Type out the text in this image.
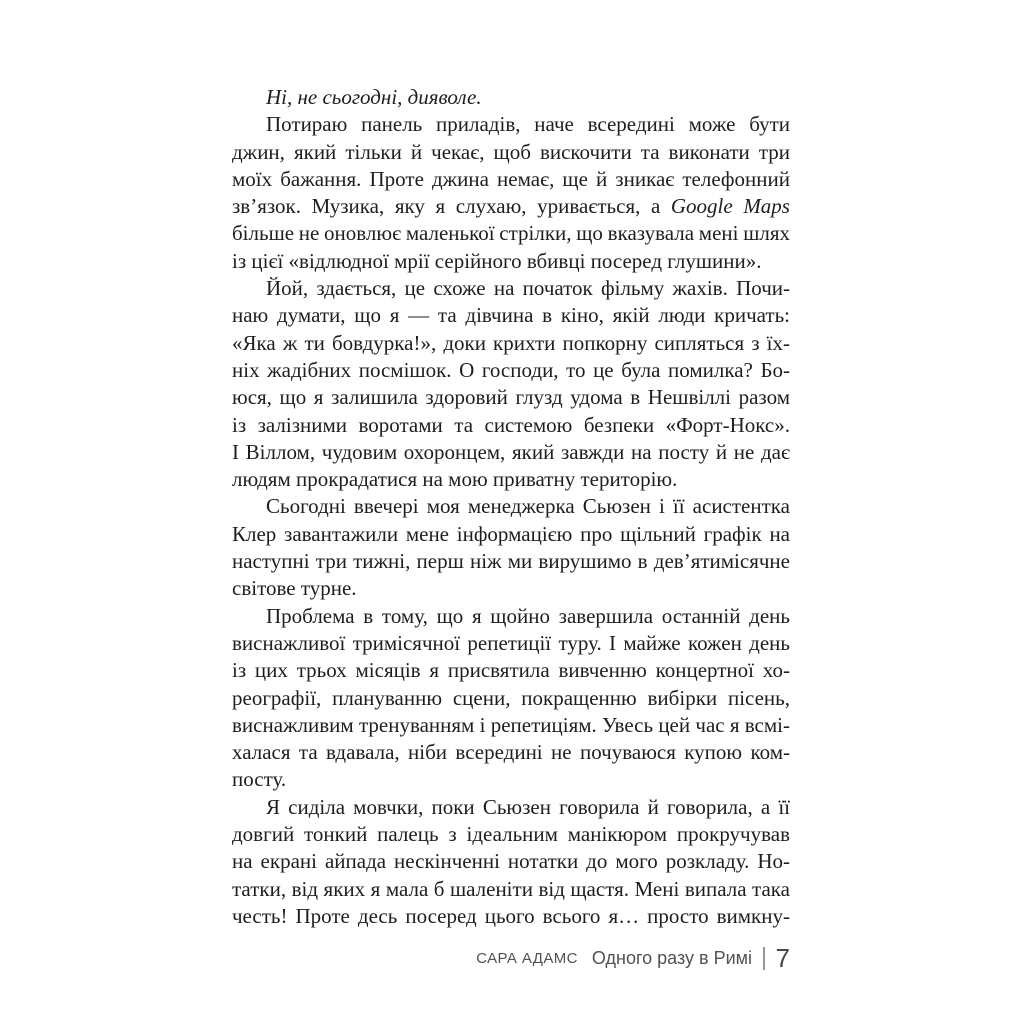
Ні, не сьогодні, дияволе.
Потираю панель приладів, наче всередині може бути
джин, який тільки й чекає, щоб вискочити та виконати три
моїх бажання. Проте джина немає, ще й зникає телефонний
зв’язок. Музика, яку я слухаю, уривається, а Google Maps
більше не оновлює маленької стрілки, що вказувала мені шлях
із цієї «відлюдної мрії серійного вбивці посеред глушини».
Йой, здається, це схоже на початок фільму жахів. Почи-
наю думати, що я — та дівчина в кіно, якій люди кричать:
«Яка ж ти бовдурка!», доки крихти попкорну сипляться з їх-
ніх жадібних посмішок. О господи, то це була помилка? Бо-
юся, що я залишила здоровий глузд удома в Нешвіллі разом
із залізними воротами та системою безпеки «Форт-Нокс».
І Віллом, чудовим охоронцем, який завжди на посту й не дає
людям прокрадатися на мою приватну територію.
Сьогодні ввечері моя менеджерка Сьюзен і її асистентка
Клер завантажили мене інформацією про щільний графік на
наступні три тижні, перш ніж ми вирушимо в дев’ятимісячне
світове турне.
Проблема в тому, що я щойно завершила останній день
виснажливої тримісячної репетиції туру. І майже кожен день
із цих трьох місяців я присвятила вивченню концертної хо-
реографії, плануванню сцени, покращенню вибірки пісень,
виснажливим тренуванням і репетиціям. Увесь цей час я всмі-
халася та вдавала, ніби всередині не почуваюся купою ком-
посту.
Я сиділа мовчки, поки Сьюзен говорила й говорила, а її
довгий тонкий палець з ідеальним манікюром прокручував
на екрані айпада нескінченні нотатки до мого розкладу. Но-
татки, від яких я мала б шаленіти від щастя. Мені випала така
честь! Проте десь посеред цього всього я… просто вимкну-
САРА АДАМС Одного разу в Римі 7
